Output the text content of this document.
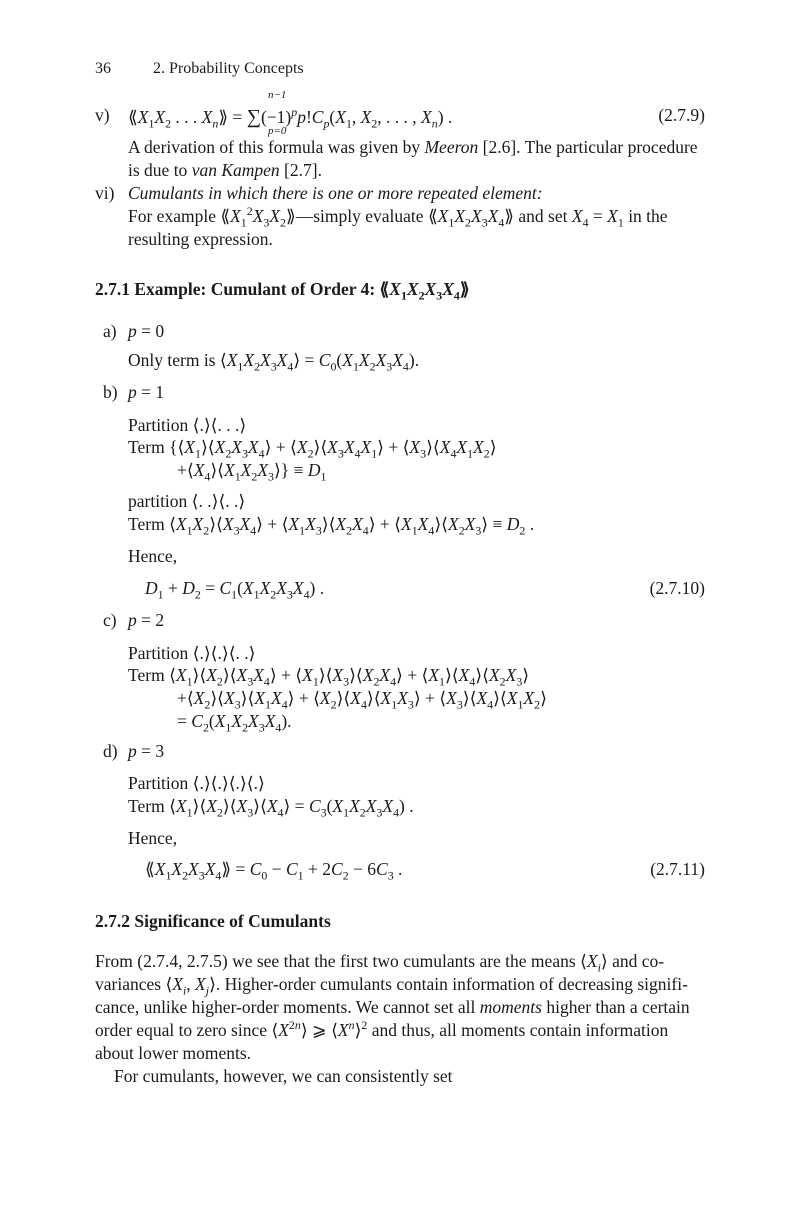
36	2. Probability Concepts
v)
n−1
$⟪X_1X_2$ . . . $X_n⟫ = \sum(-1)^pp!C_p(X_1$, $X_2$, . . . , $X_n$) .
p=0
(2.7.9)
A derivation of this formula was given by Meeron [2.6]. The particular procedure
is due to van Kampen [2.7].
vi) Cumulants in which there is one or more repeated element:
For example $⟪X_1^2X_3X_2⟫—simply$ evaluate $⟪X_1X_2X_3X_4⟫$ and set $X_4 = X_1$ in the
resulting expression.
2.7.1 Example: Cumulant of Order 4: $⟪X_1X_2X_3X_4⟫$
a) p = 0
Only term is $⟨X_1X_2X_3X_4⟩ = C_0(X_1X_2X_3X_4)$.
b) p = 1
Partition ⟨.⟩⟨. . .⟩
Term {$⟨X_1⟩⟨X_2X_3X_4⟩$ + $⟨X_2⟩⟨X_3X_4X_1⟩$ + $⟨X_3⟩⟨X_4X_1X_2⟩$
$+⟨X_4⟩⟨X_1X_2X_3⟩\} \equiv D_1$
partition ⟨. .⟩⟨. .⟩
Term $⟨X_1X_2⟩⟨X_3X_4⟩$ + $⟨X_1X_3⟩⟨X_2X_4⟩$ + $⟨X_1X_4⟩⟨X_2X_3⟩ \equiv D_2$ .
Hence,
$D_1 + D_2 = C_1(X_1X_2X_3X_4)$ .	(2.7.10)
c) p = 2
Partition ⟨.⟩⟨.⟩⟨. .⟩
Term $⟨X_1⟩⟨X_2⟩⟨X_3X_4⟩$ + $⟨X_1⟩⟨X_3⟩⟨X_2X_4⟩$ + $⟨X_1⟩⟨X_4⟩⟨X_2X_3⟩$
$+⟨X_2⟩⟨X_3⟩⟨X_1X_4⟩$ + $⟨X_2⟩⟨X_4⟩⟨X_1X_3⟩$ + $⟨X_3⟩⟨X_4⟩⟨X_1X_2⟩$
= $C_2(X_1X_2X_3X_4)$.
d) p = 3
Partition ⟨.⟩⟨.⟩⟨.⟩⟨.⟩
Term $⟨X_1⟩⟨X_2⟩⟨X_3⟩⟨X_4⟩ = C_3(X_1X_2X_3X_4)$ .
Hence,
$⟪X_1X_2X_3X_4⟫ = C_0 - C_1 + 2C_2 - 6C_3$ .	(2.7.11)
2.7.2 Significance of Cumulants
From (2.7.4, 2.7.5) we see that the first two cumulants are the means $⟨X_i⟩$ and co-
variances $⟨X_i$, $X_j⟩$. Higher-order cumulants contain information of decreasing signifi-
cance, unlike higher-order moments. We cannot set all moments higher than a certain
order equal to zero since $⟨X^{2n}⟩$ ⩾ $⟨X^n⟩^2$ and thus, all moments contain information
about lower moments.
For cumulants, however, we can consistently set
